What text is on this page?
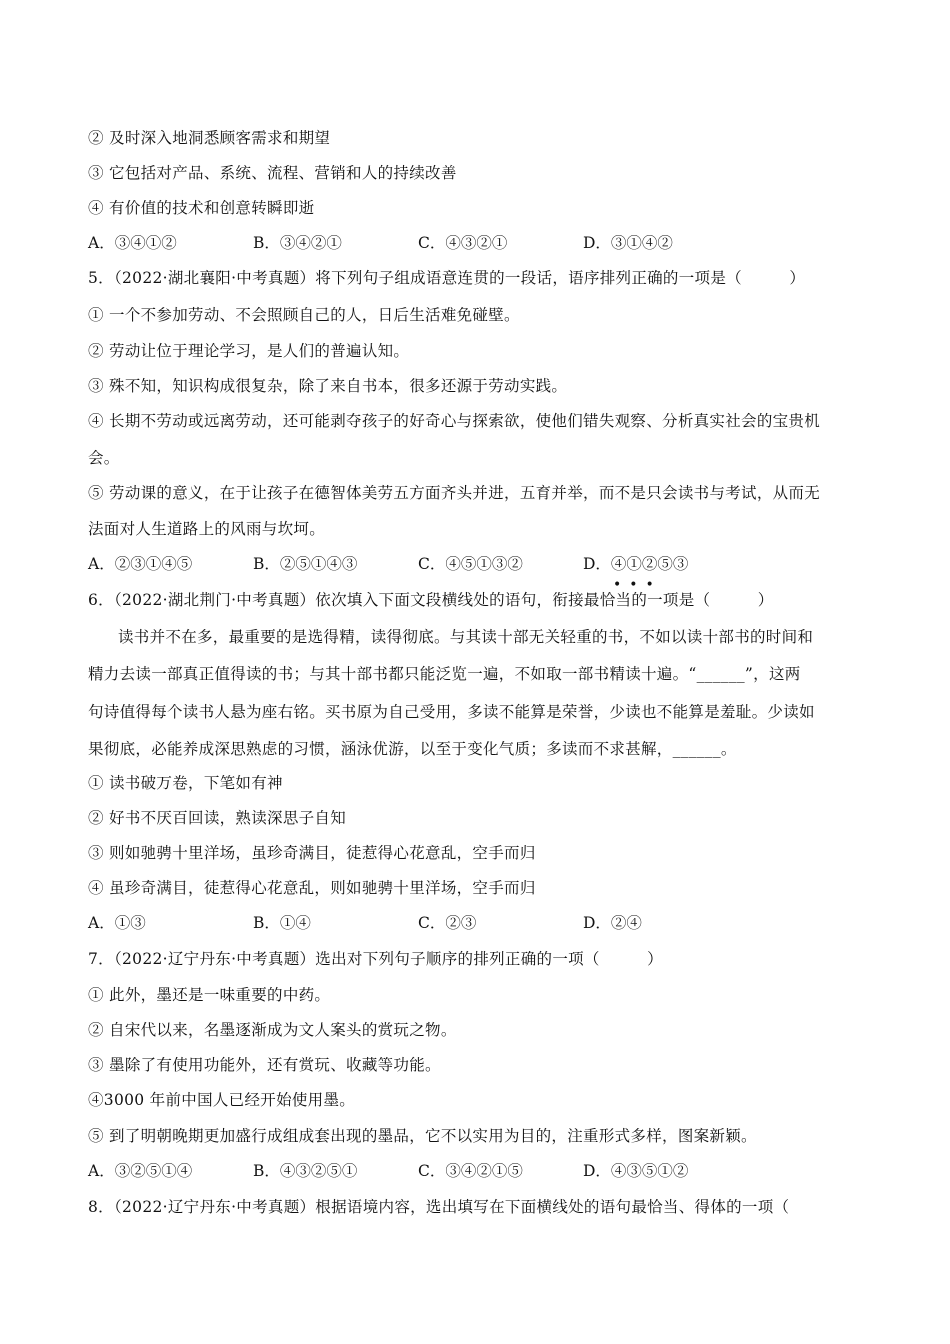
② 及时深入地洞悉顾客需求和期望
③ 它包括对产品、系统、流程、营销和人的持续改善
④ 有价值的技术和创意转瞬即逝
A．③④①②	B．③④②①	C．④③②①	D．③①④②
5．（2022·湖北襄阳·中考真题）将下列句子组成语意连贯的一段话，语序排列正确的一项是（　　　）
① 一个不参加劳动、不会照顾自己的人，日后生活难免碰壁。
② 劳动让位于理论学习，是人们的普遍认知。
③ 殊不知，知识构成很复杂，除了来自书本，很多还源于劳动实践。
④ 长期不劳动或远离劳动，还可能剥夺孩子的好奇心与探索欲，使他们错失观察、分析真实社会的宝贵机
会。
⑤ 劳动课的意义，在于让孩子在德智体美劳五方面齐头并进，五育并举，而不是只会读书与考试，从而无
法面对人生道路上的风雨与坎坷。
A．②③①④⑤	B．②⑤①④③	C．④⑤①③②	D．④①②⑤③
•••
6．（2022·湖北荆门·中考真题）依次填入下面文段横线处的语句，衔接最恰当的一项是（　　　）
读书并不在多，最重要的是选得精，读得彻底。与其读十部无关轻重的书，不如以读十部书的时间和
精力去读一部真正值得读的书；与其十部书都只能泛览一遍，不如取一部书精读十遍。“______”，这两
句诗值得每个读书人悬为座右铭。买书原为自己受用，多读不能算是荣誉，少读也不能算是羞耻。少读如
果彻底，必能养成深思熟虑的习惯，涵泳优游，以至于变化气质；多读而不求甚解，______。
① 读书破万卷，下笔如有神
② 好书不厌百回读，熟读深思子自知
③ 则如驰骋十里洋场，虽珍奇满目，徒惹得心花意乱，空手而归
④ 虽珍奇满目，徒惹得心花意乱，则如驰骋十里洋场，空手而归
A．①③	B．①④	C．②③	D．②④
7．（2022·辽宁丹东·中考真题）选出对下列句子顺序的排列正确的一项（　　　）
① 此外，墨还是一味重要的中药。
② 自宋代以来，名墨逐渐成为文人案头的赏玩之物。
③ 墨除了有使用功能外，还有赏玩、收藏等功能。
④3000 年前中国人已经开始使用墨。
⑤ 到了明朝晚期更加盛行成组成套出现的墨品，它不以实用为目的，注重形式多样，图案新颖。
A．③②⑤①④	B．④③②⑤①	C．③④②①⑤	D．④③⑤①②
8．（2022·辽宁丹东·中考真题）根据语境内容，选出填写在下面横线处的语句最恰当、得体的一项（
